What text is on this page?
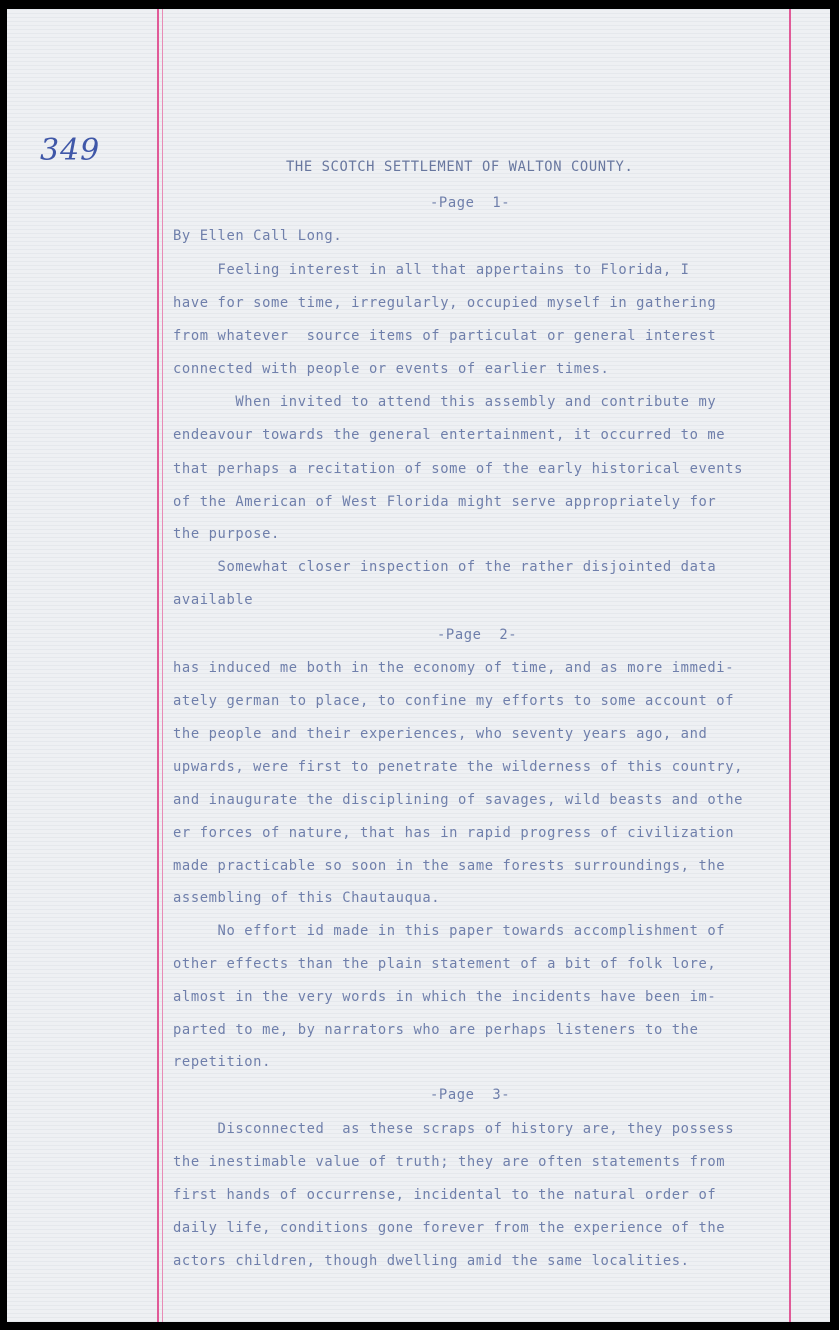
349	THE SCOTCH SETTLEMENT OF WALTON COUNTY.
-Page  1-
By Ellen Call Long.
Feeling interest in all that appertains to Florida, I
have for some time, irregularly, occupied myself in gathering
from whatever  source items of particulat or general interest
connected with people or events of earlier times.
When invited to attend this assembly and contribute my
endeavour towards the general entertainment, it occurred to me
that perhaps a recitation of some of the early historical events
of the American of West Florida might serve appropriately for
the purpose.
Somewhat closer inspection of the rather disjointed data
available
-Page  2-
has induced me both in the economy of time, and as more immedi-
ately german to place, to confine my efforts to some account of
the people and their experiences, who seventy years ago, and
upwards, were first to penetrate the wilderness of this country,
and inaugurate the disciplining of savages, wild beasts and othe
er forces of nature, that has in rapid progress of civilization
made practicable so soon in the same forests surroundings, the
assembling of this Chautauqua.
No effort id made in this paper towards accomplishment of
other effects than the plain statement of a bit of folk lore,
almost in the very words in which the incidents have been im-
parted to me, by narrators who are perhaps listeners to the
repetition.
-Page  3-
Disconnected  as these scraps of history are, they possess
the inestimable value of truth; they are often statements from
first hands of occurrense, incidental to the natural order of
daily life, conditions gone forever from the experience of the
actors children, though dwelling amid the same localities.
